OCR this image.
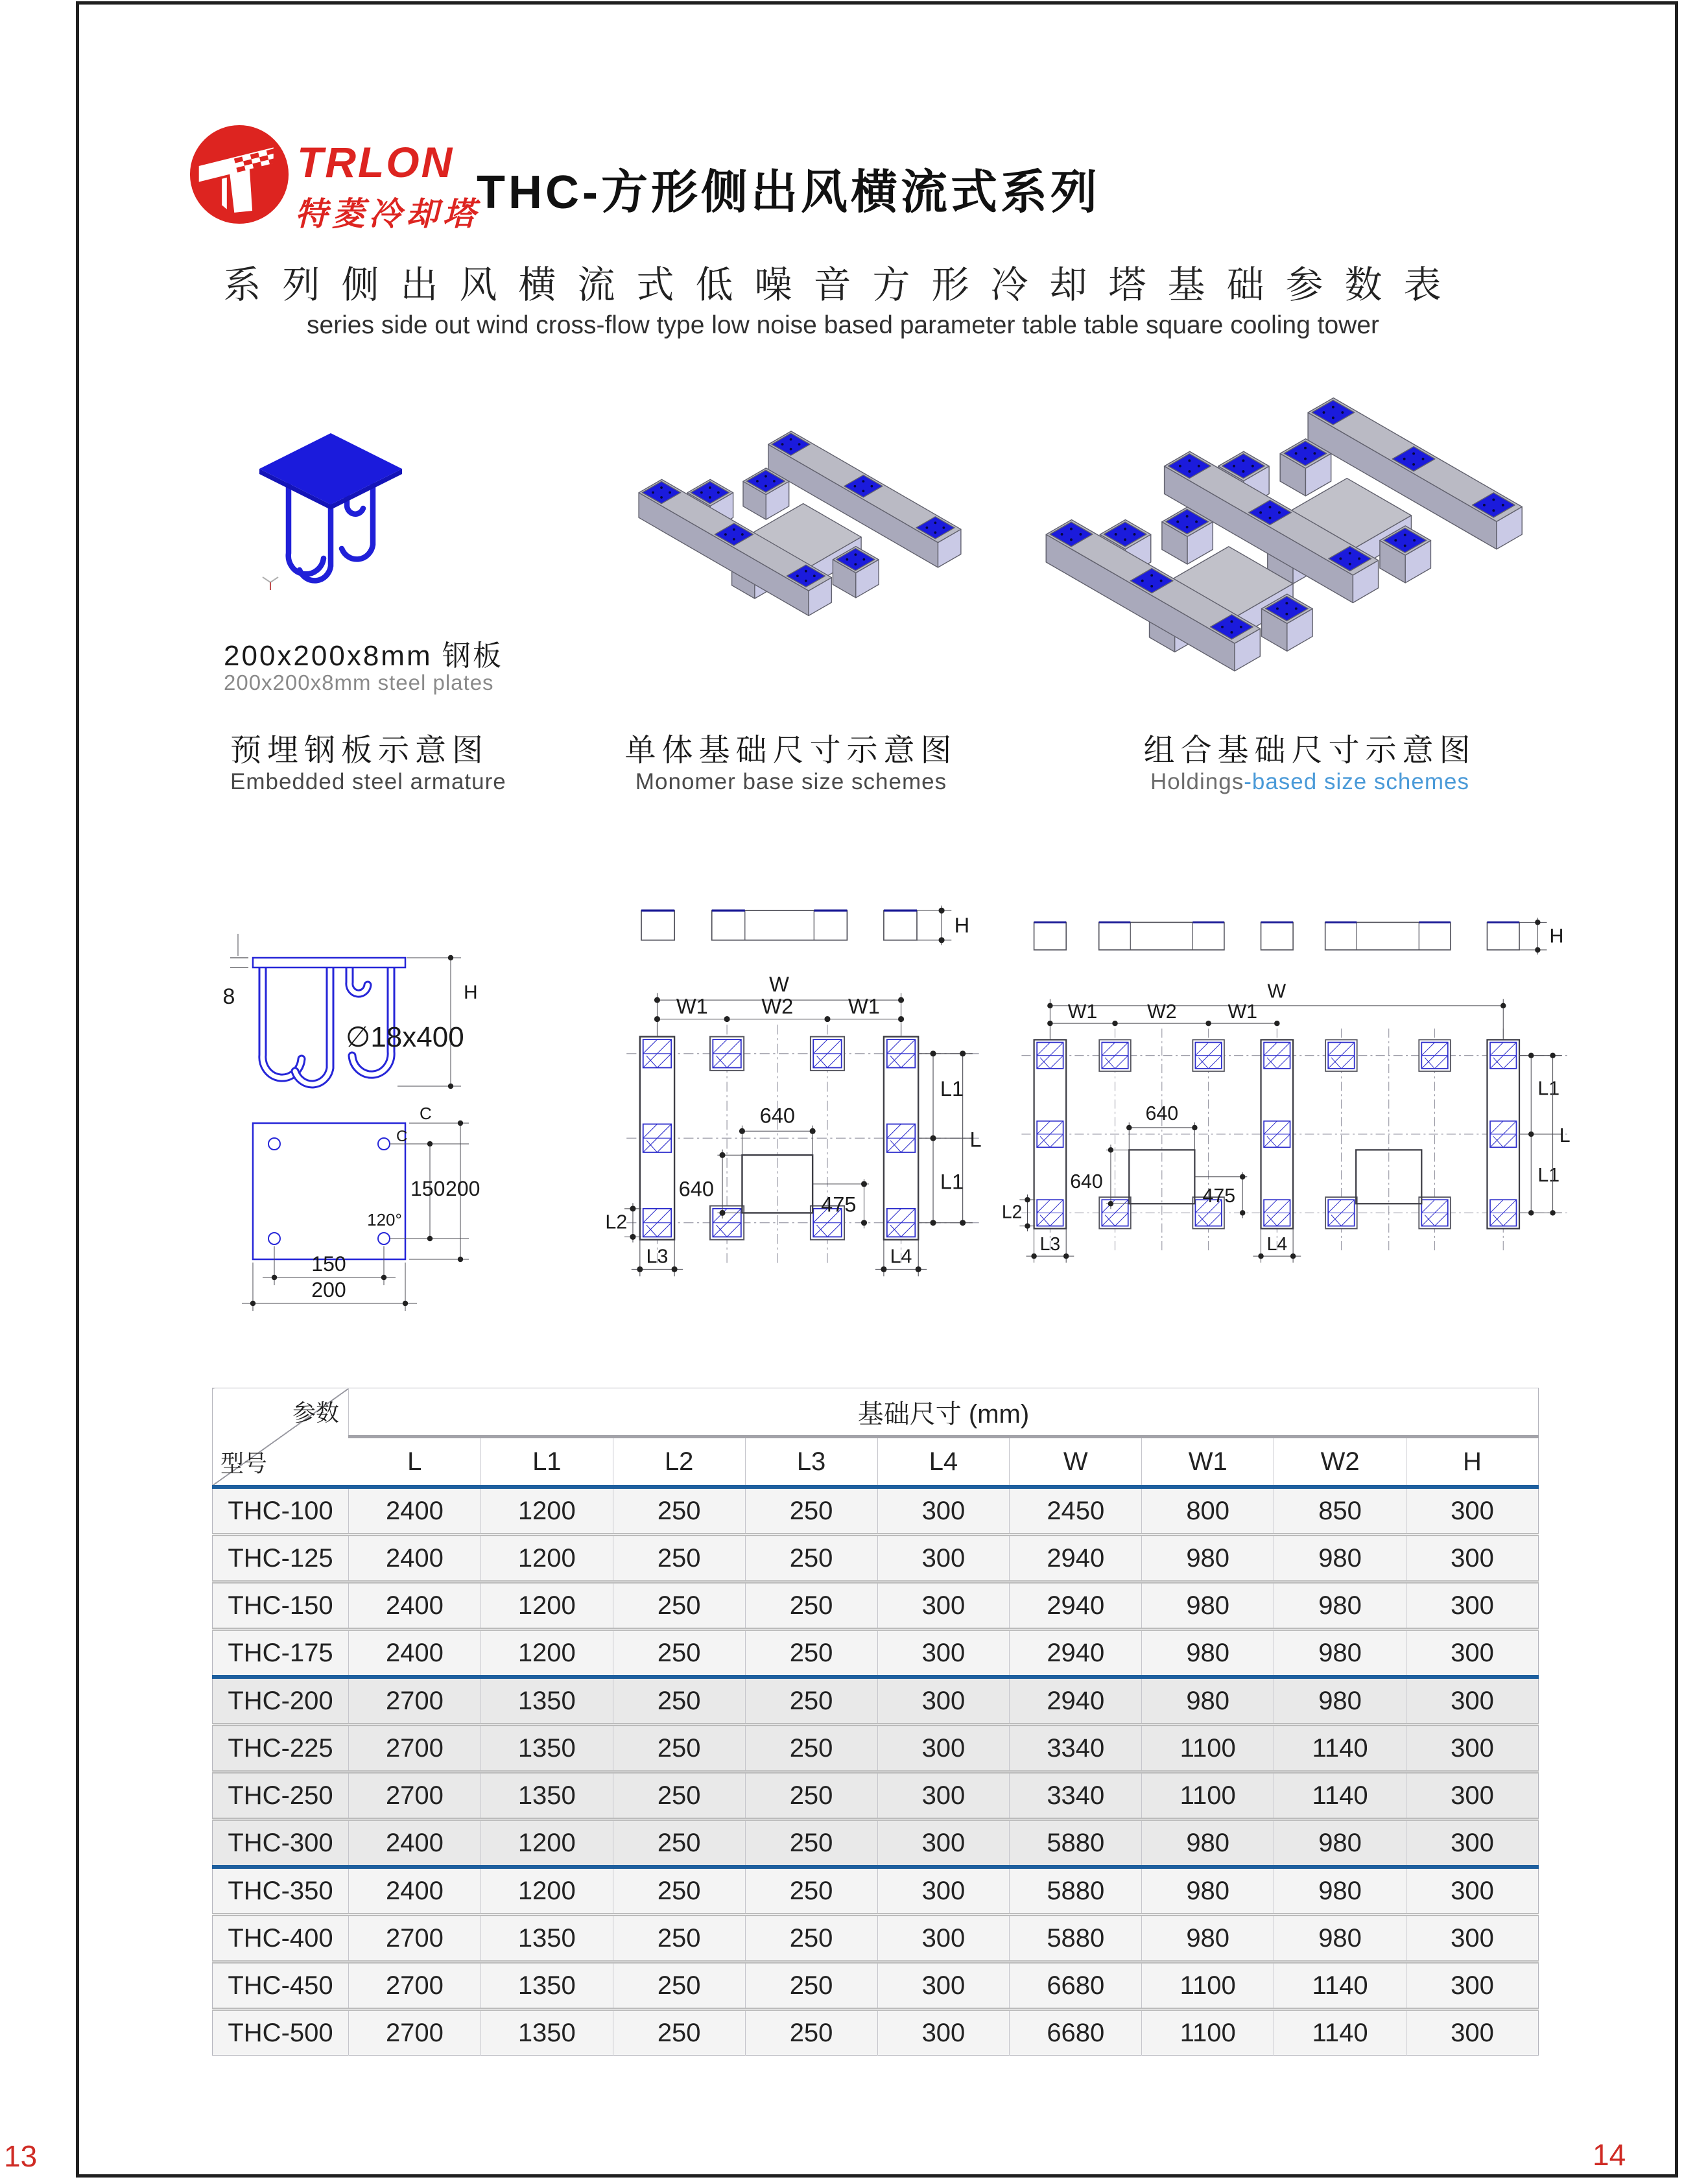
TRLON
特菱冷却塔
THC-方形侧出风横流式系列
系列侧出风横流式低噪音方形冷却塔基础参数表
series side out wind cross-flow type low noise based parameter table table square cooling tower
200x200x8mm 钢板
200x200x8mm steel plates
预埋钢板示意图
Embedded steel armature
单体基础尺寸示意图
Monomer base size schemes
组合基础尺寸示意图
Holdings-based size schemes
8	H
∅18x400
C
C
150 200
120°
150
200
H
W
W1	W2	W1
640
640
475
L1
L1
L
L2
L3	L4
H
W
W1	W2	W1
640
640
475
L1
L1
L
L2
L3	L4
参数
型号	基础尺寸 (mm)								
	L	L1	L2	L3	L4	W	W1	W2	H
THC-100	2400	1200	250	250	300	2450	800	850	300
THC-125	2400	1200	250	250	300	2940	980	980	300
THC-150	2400	1200	250	250	300	2940	980	980	300
THC-175	2400	1200	250	250	300	2940	980	980	300
THC-200	2700	1350	250	250	300	2940	980	980	300
THC-225	2700	1350	250	250	300	3340	1100	1140	300
THC-250	2700	1350	250	250	300	3340	1100	1140	300
THC-300	2400	1200	250	250	300	5880	980	980	300
THC-350	2400	1200	250	250	300	5880	980	980	300
THC-400	2700	1350	250	250	300	5880	980	980	300
THC-450	2700	1350	250	250	300	6680	1100	1140	300
THC-500	2700	1350	250	250	300	6680	1100	1140	300
13	14
